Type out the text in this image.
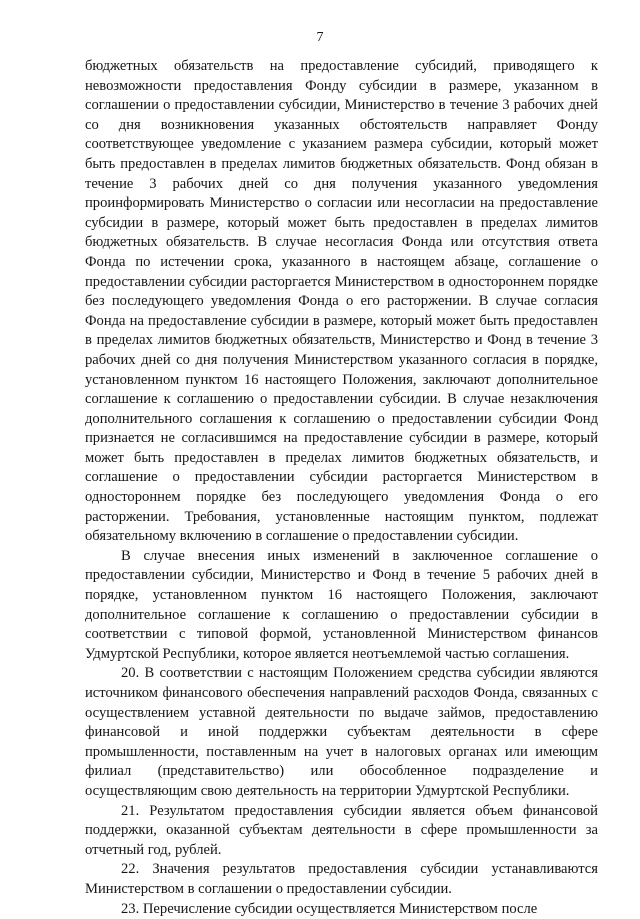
7

бюджетных обязательств на предоставление субсидий, приводящего к невозможности предоставления Фонду субсидии в размере, указанном в соглашении о предоставлении субсидии, Министерство в течение 3 рабочих дней со дня возникновения указанных обстоятельств направляет Фонду соответствующее уведомление с указанием размера субсидии, который может быть предоставлен в пределах лимитов бюджетных обязательств. Фонд обязан в течение 3 рабочих дней со дня получения указанного уведомления проинформировать Министерство о согласии или несогласии на предоставление субсидии в размере, который может быть предоставлен в пределах лимитов бюджетных обязательств. В случае несогласия Фонда или отсутствия ответа Фонда по истечении срока, указанного в настоящем абзаце, соглашение о предоставлении субсидии расторгается Министерством в одностороннем порядке без последующего уведомления Фонда о его расторжении. В случае согласия Фонда на предоставление субсидии в размере, который может быть предоставлен в пределах лимитов бюджетных обязательств, Министерство и Фонд в течение 3 рабочих дней со дня получения Министерством указанного согласия в порядке, установленном пунктом 16 настоящего Положения, заключают дополнительное соглашение к соглашению о предоставлении субсидии. В случае незаключения дополнительного соглашения к соглашению о предоставлении субсидии Фонд признается не согласившимся на предоставление субсидии в размере, который может быть предоставлен в пределах лимитов бюджетных обязательств, и соглашение о предоставлении субсидии расторгается Министерством в одностороннем порядке без последующего уведомления Фонда о его расторжении. Требования, установленные настоящим пунктом, подлежат обязательному включению в соглашение о предоставлении субсидии.

В случае внесения иных изменений в заключенное соглашение о предоставлении субсидии, Министерство и Фонд в течение 5 рабочих дней в порядке, установленном пунктом 16 настоящего Положения, заключают дополнительное соглашение к соглашению о предоставлении субсидии в соответствии с типовой формой, установленной Министерством финансов Удмуртской Республики, которое является неотъемлемой частью соглашения.

20. В соответствии с настоящим Положением средства субсидии являются источником финансового обеспечения направлений расходов Фонда, связанных с осуществлением уставной деятельности по выдаче займов, предоставлению финансовой и иной поддержки субъектам деятельности в сфере промышленности, поставленным на учет в налоговых органах или имеющим филиал (представительство) или обособленное подразделение и осуществляющим свою деятельность на территории Удмуртской Республики.

21. Результатом предоставления субсидии является объем финансовой поддержки, оказанной субъектам деятельности в сфере промышленности за отчетный год, рублей.

22. Значения результатов предоставления субсидии устанавливаются Министерством в соглашении о предоставлении субсидии.

23. Перечисление субсидии осуществляется Министерством после
